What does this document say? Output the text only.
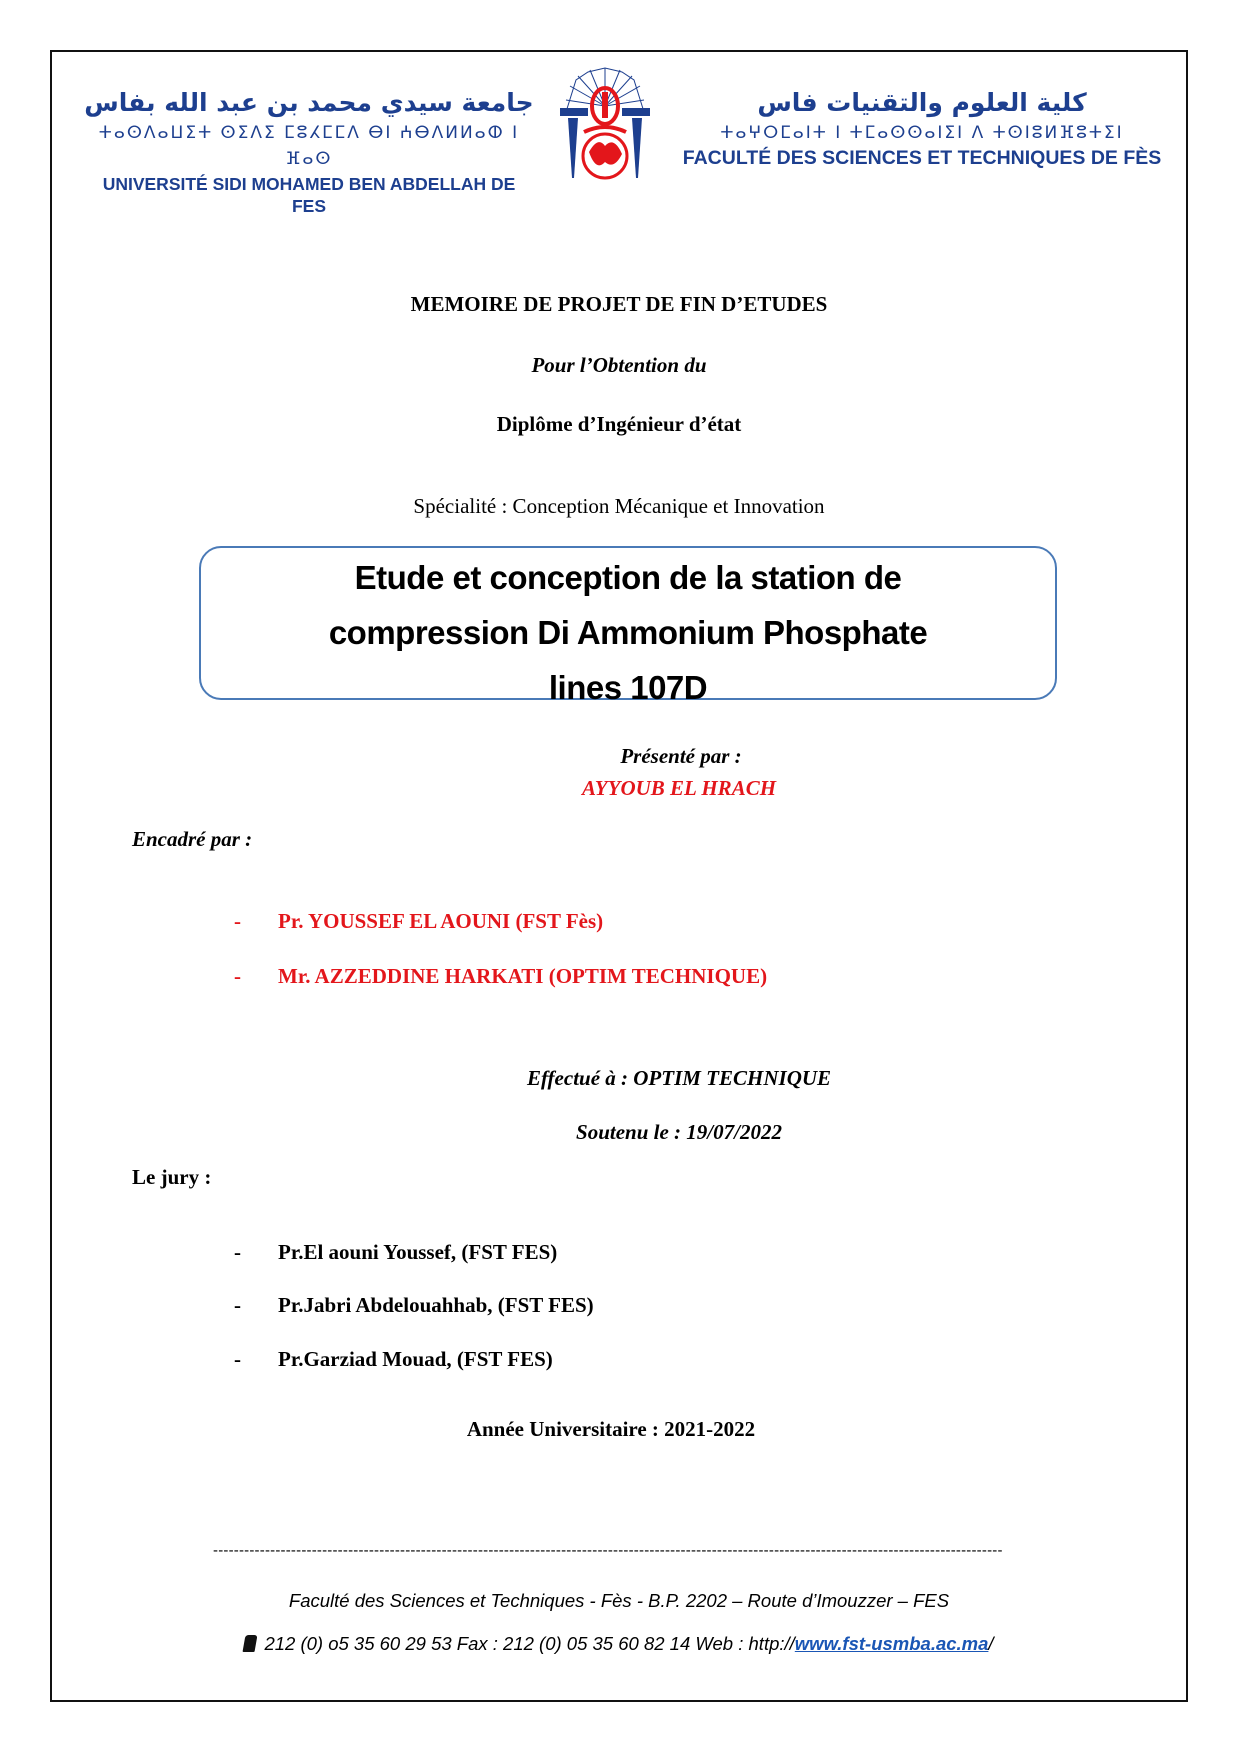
جامعة سيدي محمد بن عبد الله بفاس
ⵜⴰⵙⴷⴰⵡⵉⵜ ⵙⵉⴷⵉ ⵎⵓⵃⵎⵎⴷ ⴱⵏ ⵄⴱⴷⵍⵍⴰⵀ ⵏ ⴼⴰⵙ
UNIVERSITÉ SIDI MOHAMED BEN ABDELLAH DE FES
كلية العلوم والتقنيات فاس
ⵜⴰⵖⵔⵎⴰⵏⵜ ⵏ ⵜⵎⴰⵙⵙⴰⵏⵉⵏ ⴷ ⵜⵙⵏⵓⵍⴼⵓⵜⵉⵏ
FACULTÉ DES SCIENCES ET TECHNIQUES DE FÈS
MEMOIRE DE PROJET DE FIN D’ETUDES
Pour l’Obtention du
Diplôme d’Ingénieur d’état
Spécialité : Conception Mécanique et Innovation
Etude et conception de la station de
compression Di Ammonium Phosphate
lines 107D
Présenté par :
AYYOUB EL HRACH
Encadré par :
- Pr. YOUSSEF EL AOUNI (FST Fès)
- Mr. AZZEDDINE HARKATI (OPTIM TECHNIQUE)
Effectué à : OPTIM TECHNIQUE
Soutenu le : 19/07/2022
Le jury :
- Pr.El aouni Youssef, (FST FES)
- Pr.Jabri Abdelouahhab, (FST FES)
- Pr.Garziad Mouad, (FST FES)
Année Universitaire : 2021-2022
--------------------------------------------------------------------------------------------------------------------------------------------------------
Faculté des Sciences et Techniques - Fès - B.P. 2202 – Route d’Imouzzer – FES
212 (0) o5 35 60 29 53 Fax : 212 (0) 05 35 60 82 14 Web : http://www.fst-usmba.ac.ma/
